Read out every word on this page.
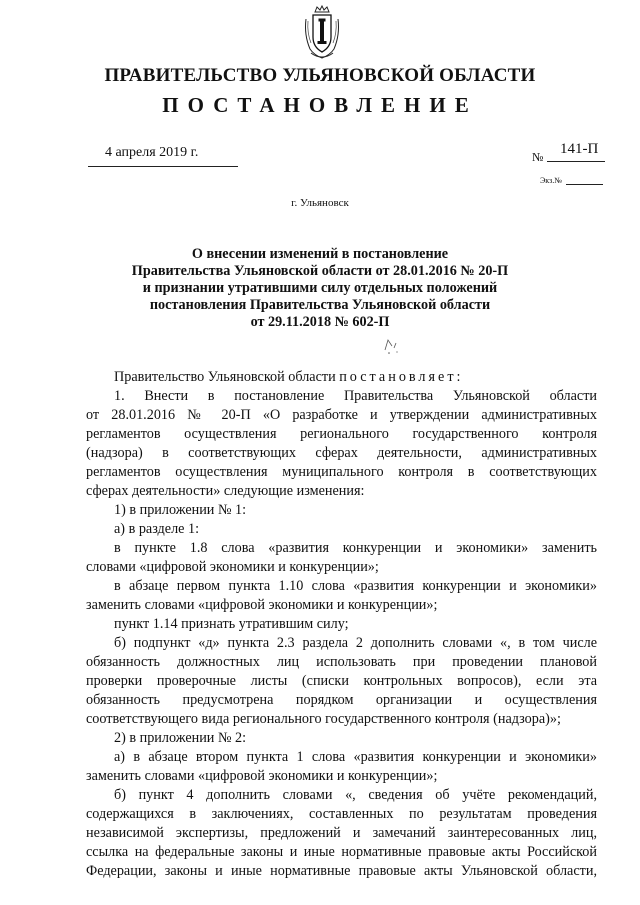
ПРАВИТЕЛЬСТВО УЛЬЯНОВСКОЙ ОБЛАСТИ
ПОСТАНОВЛЕНИЕ
4 апреля 2019 г.	№ 141-П
Экз.№
г. Ульяновск
О внесении изменений в постановление
Правительства Ульяновской области от 28.01.2016 № 20-П
и признании утратившими силу отдельных положений
постановления Правительства Ульяновской области
от 29.11.2018 № 602-П
Правительство Ульяновской области постановляет:
1. Внести в постановление Правительства Ульяновской области
от 28.01.2016 № 20-П «О разработке и утверждении административных
регламентов осуществления регионального государственного контроля
(надзора) в соответствующих сферах деятельности, административных
регламентов осуществления муниципального контроля в соответствующих
сферах деятельности» следующие изменения:
1) в приложении № 1:
а) в разделе 1:
в пункте 1.8 слова «развития конкуренции и экономики» заменить
словами «цифровой экономики и конкуренции»;
в абзаце первом пункта 1.10 слова «развития конкуренции и экономики»
заменить словами «цифровой экономики и конкуренции»;
пункт 1.14 признать утратившим силу;
б) подпункт «д» пункта 2.3 раздела 2 дополнить словами «, в том числе
обязанность должностных лиц использовать при проведении плановой
проверки проверочные листы (списки контрольных вопросов), если эта
обязанность предусмотрена порядком организации и осуществления
соответствующего вида регионального государственного контроля (надзора)»;
2) в приложении № 2:
а) в абзаце втором пункта 1 слова «развития конкуренции и экономики»
заменить словами «цифровой экономики и конкуренции»;
б) пункт 4 дополнить словами «, сведения об учёте рекомендаций,
содержащихся в заключениях, составленных по результатам проведения
независимой экспертизы, предложений и замечаний заинтересованных лиц,
ссылка на федеральные законы и иные нормативные правовые акты Российской
Федерации, законы и иные нормативные правовые акты Ульяновской области,
